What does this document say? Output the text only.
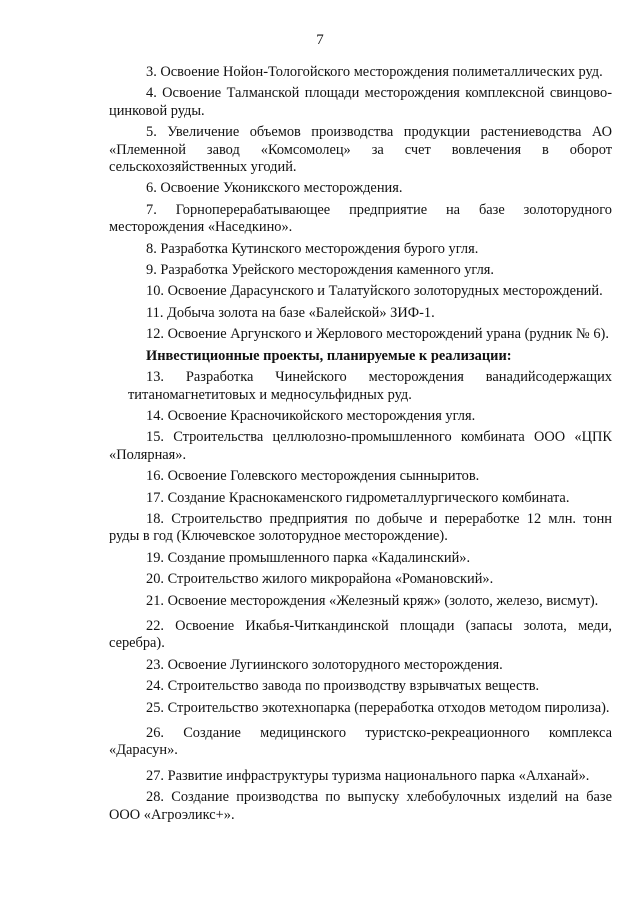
7

3. Освоение Нойон-Тологойского месторождения полиметаллических руд.

4. Освоение Талманской площади месторождения комплексной свинцово-цинковой руды.

5. Увеличение объемов производства продукции растениеводства АО «Племенной завод «Комсомолец» за счет вовлечения в оборот сельскохозяйственных угодий.

6. Освоение Уконикского месторождения.

7. Горноперерабатывающее предприятие на базе золоторудного месторождения «Наседкино».

8. Разработка Кутинского месторождения бурого угля.

9. Разработка Урейского месторождения каменного угля.

10. Освоение Дарасунского и Талатуйского золоторудных месторождений.

11. Добыча золота на базе «Балейской» ЗИФ-1.

12. Освоение Аргунского и Жерлового месторождений урана (рудник № 6).

Инвестиционные проекты, планируемые к реализации:

13. Разработка Чинейского месторождения ванадийсодержащих титаномагнетитовых и медносульфидных руд.

14. Освоение Красночикойского месторождения угля.

15. Строительства целлюлозно-промышленного комбината ООО «ЦПК «Полярная».

16. Освоение Голевского месторождения сынныритов.

17. Создание Краснокаменского гидрометаллургического комбината.

18. Строительство предприятия по добыче и переработке 12 млн. тонн руды в год (Ключевское золоторудное месторождение).

19. Создание промышленного парка «Кадалинский».

20. Строительство жилого микрорайона «Романовский».

21. Освоение месторождения «Железный кряж» (золото, железо, висмут).

22. Освоение Икабья-Читкандинской площади (запасы золота, меди, серебра).

23. Освоение Лугиинского золоторудного месторождения.

24. Строительство завода по производству взрывчатых веществ.

25. Строительство экотехнопарка (переработка отходов методом пиролиза).

26. Создание медицинского туристско-рекреационного комплекса «Дарасун».

27. Развитие инфраструктуры туризма национального парка «Алханай».

28. Создание производства по выпуску хлебобулочных изделий на базе ООО «Агроэликс+».
